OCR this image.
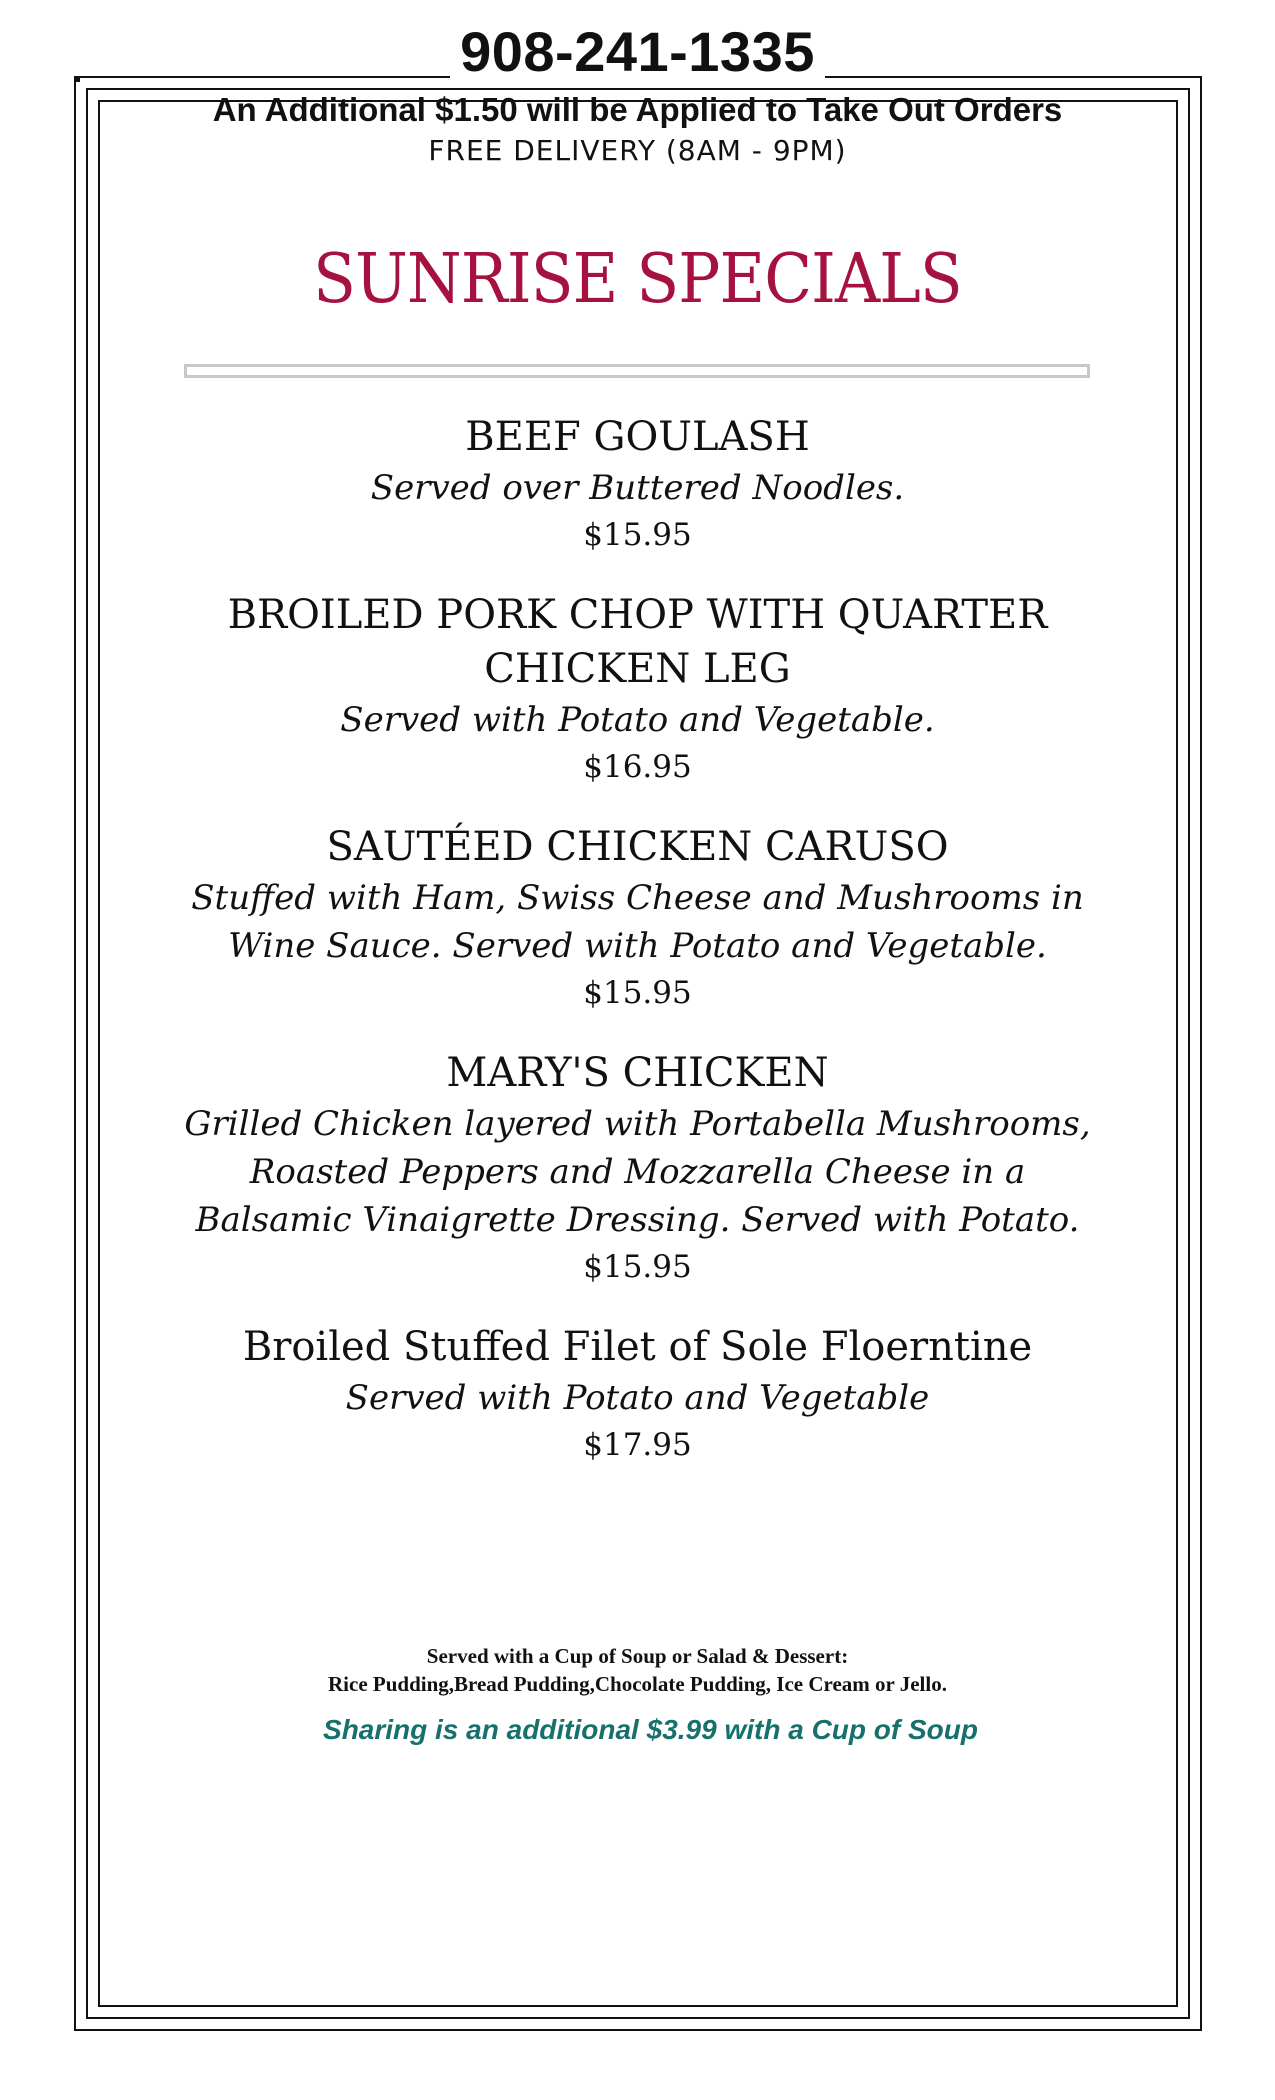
908-241-1335
An Additional $1.50 will be Applied to Take Out Orders
FREE DELIVERY (8AM - 9PM)
SUNRISE SPECIALS
BEEF GOULASH
Served over Buttered Noodles.
$15.95
BROILED PORK CHOP WITH QUARTER CHICKEN LEG
Served with Potato and Vegetable.
$16.95
SAUTÉED CHICKEN CARUSO
Stuffed with Ham, Swiss Cheese and Mushrooms in Wine Sauce. Served with Potato and Vegetable.
$15.95
MARY'S CHICKEN
Grilled Chicken layered with Portabella Mushrooms, Roasted Peppers and Mozzarella Cheese in a Balsamic Vinaigrette Dressing. Served with Potato.
$15.95
Broiled Stuffed Filet of Sole Floerntine
Served with Potato and Vegetable
$17.95
Served with a Cup of Soup or Salad & Dessert:
Rice Pudding,Bread Pudding,Chocolate Pudding, Ice Cream or Jello.
Sharing is an additional $3.99 with a Cup of Soup
